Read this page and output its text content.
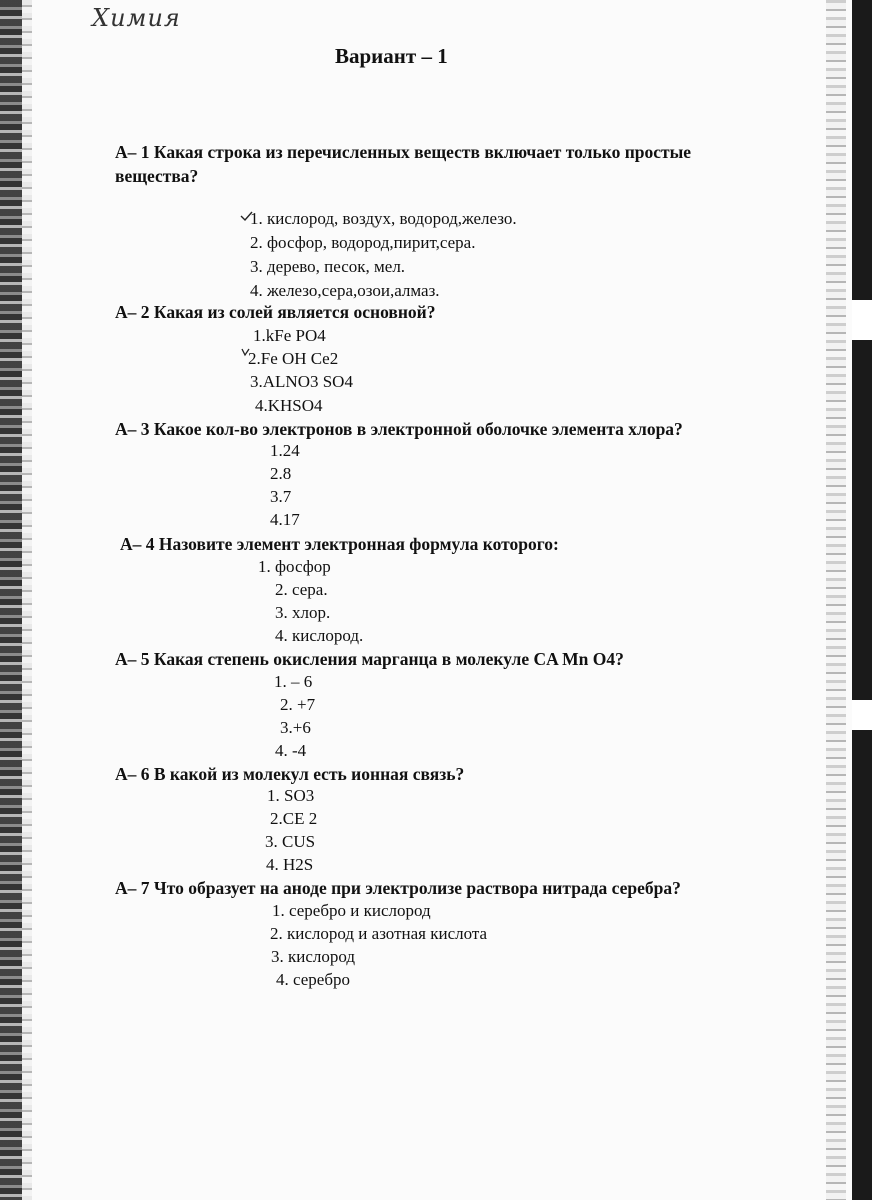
Химия
Вариант – 1
А– 1 Какая строка из перечисленных веществ включает только простые
вещества?
1. кислород, воздух, водород,железо.
2. фосфор, водород,пирит,сера.
3. дерево, песок, мел.
4. железо,сера,озои,алмаз.
А– 2 Какая из солей является основной?
1.kFe PO4
2.Fe OH Ce2
3.ALNO3 SO4
4.KHSO4
А– 3 Какое кол-во электронов в электронной оболочке элемента хлора?
1.24
2.8
3.7
4.17
А– 4 Назовите элемент электронная формула которого:
1. фосфор
2. сера.
3. хлор.
4. кислород.
А– 5 Какая степень окисления марганца в молекуле CA Mn O4?
1. – 6
2. +7
3.+6
4. -4
А– 6 В какой из молекул есть ионная связь?
1. SO3
2.CE 2
3. CUS
4. H2S
А– 7 Что образует на аноде при электролизе раствора нитрада серебра?
1. серебро и кислород
2. кислород и азотная кислота
3. кислород
4. серебро
